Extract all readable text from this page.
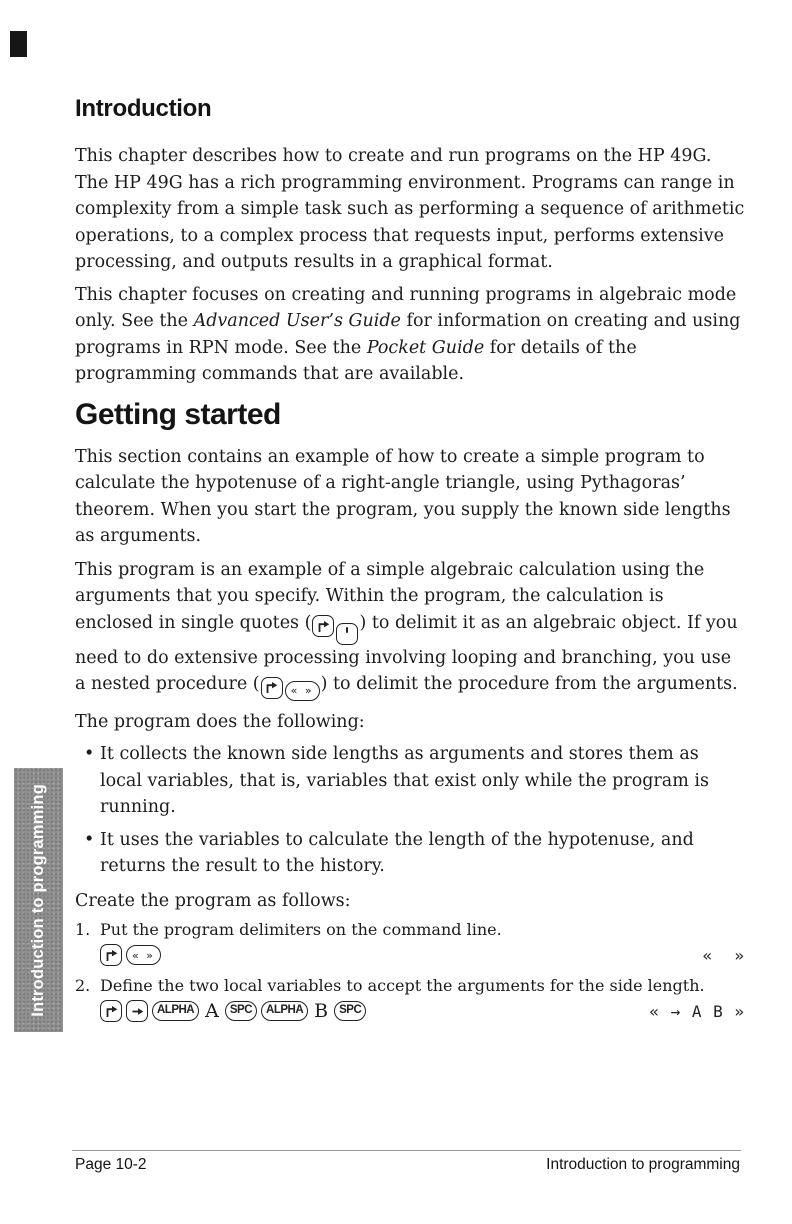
Introduction

This chapter describes how to create and run programs on the HP 49G. The HP 49G has a rich programming environment. Programs can range in complexity from a simple task such as performing a sequence of arithmetic operations, to a complex process that requests input, performs extensive processing, and outputs results in a graphical format.

This chapter focuses on creating and running programs in algebraic mode only. See the Advanced User’s Guide for information on creating and using programs in RPN mode. See the Pocket Guide for details of the programming commands that are available.

Getting started

This section contains an example of how to create a simple program to calculate the hypotenuse of a right-angle triangle, using Pythagoras’ theorem. When you start the program, you supply the known side lengths as arguments.

This program is an example of a simple algebraic calculation using the arguments that you specify. Within the program, the calculation is enclosed in single quotes (	) to delimit it as an algebraic object. If you need to do extensive processing involving looping and branching, you use a nested procedure (	« » ) to delimit the procedure from the arguments.

The program does the following:

• It collects the known side lengths as arguments and stores them as local variables, that is, variables that exist only while the program is running.
• It uses the variables to calculate the length of the hypotenuse, and returns the result to the history.

Create the program as follows:

1. Put the program delimiters on the command line.
« »	«  »
2. Define the two local variables to accept the arguments for the side length.
ALPHA A SPC	ALPHA B SPC	« → A B »
Introduction to programming
Page 10-2	Introduction to programming
